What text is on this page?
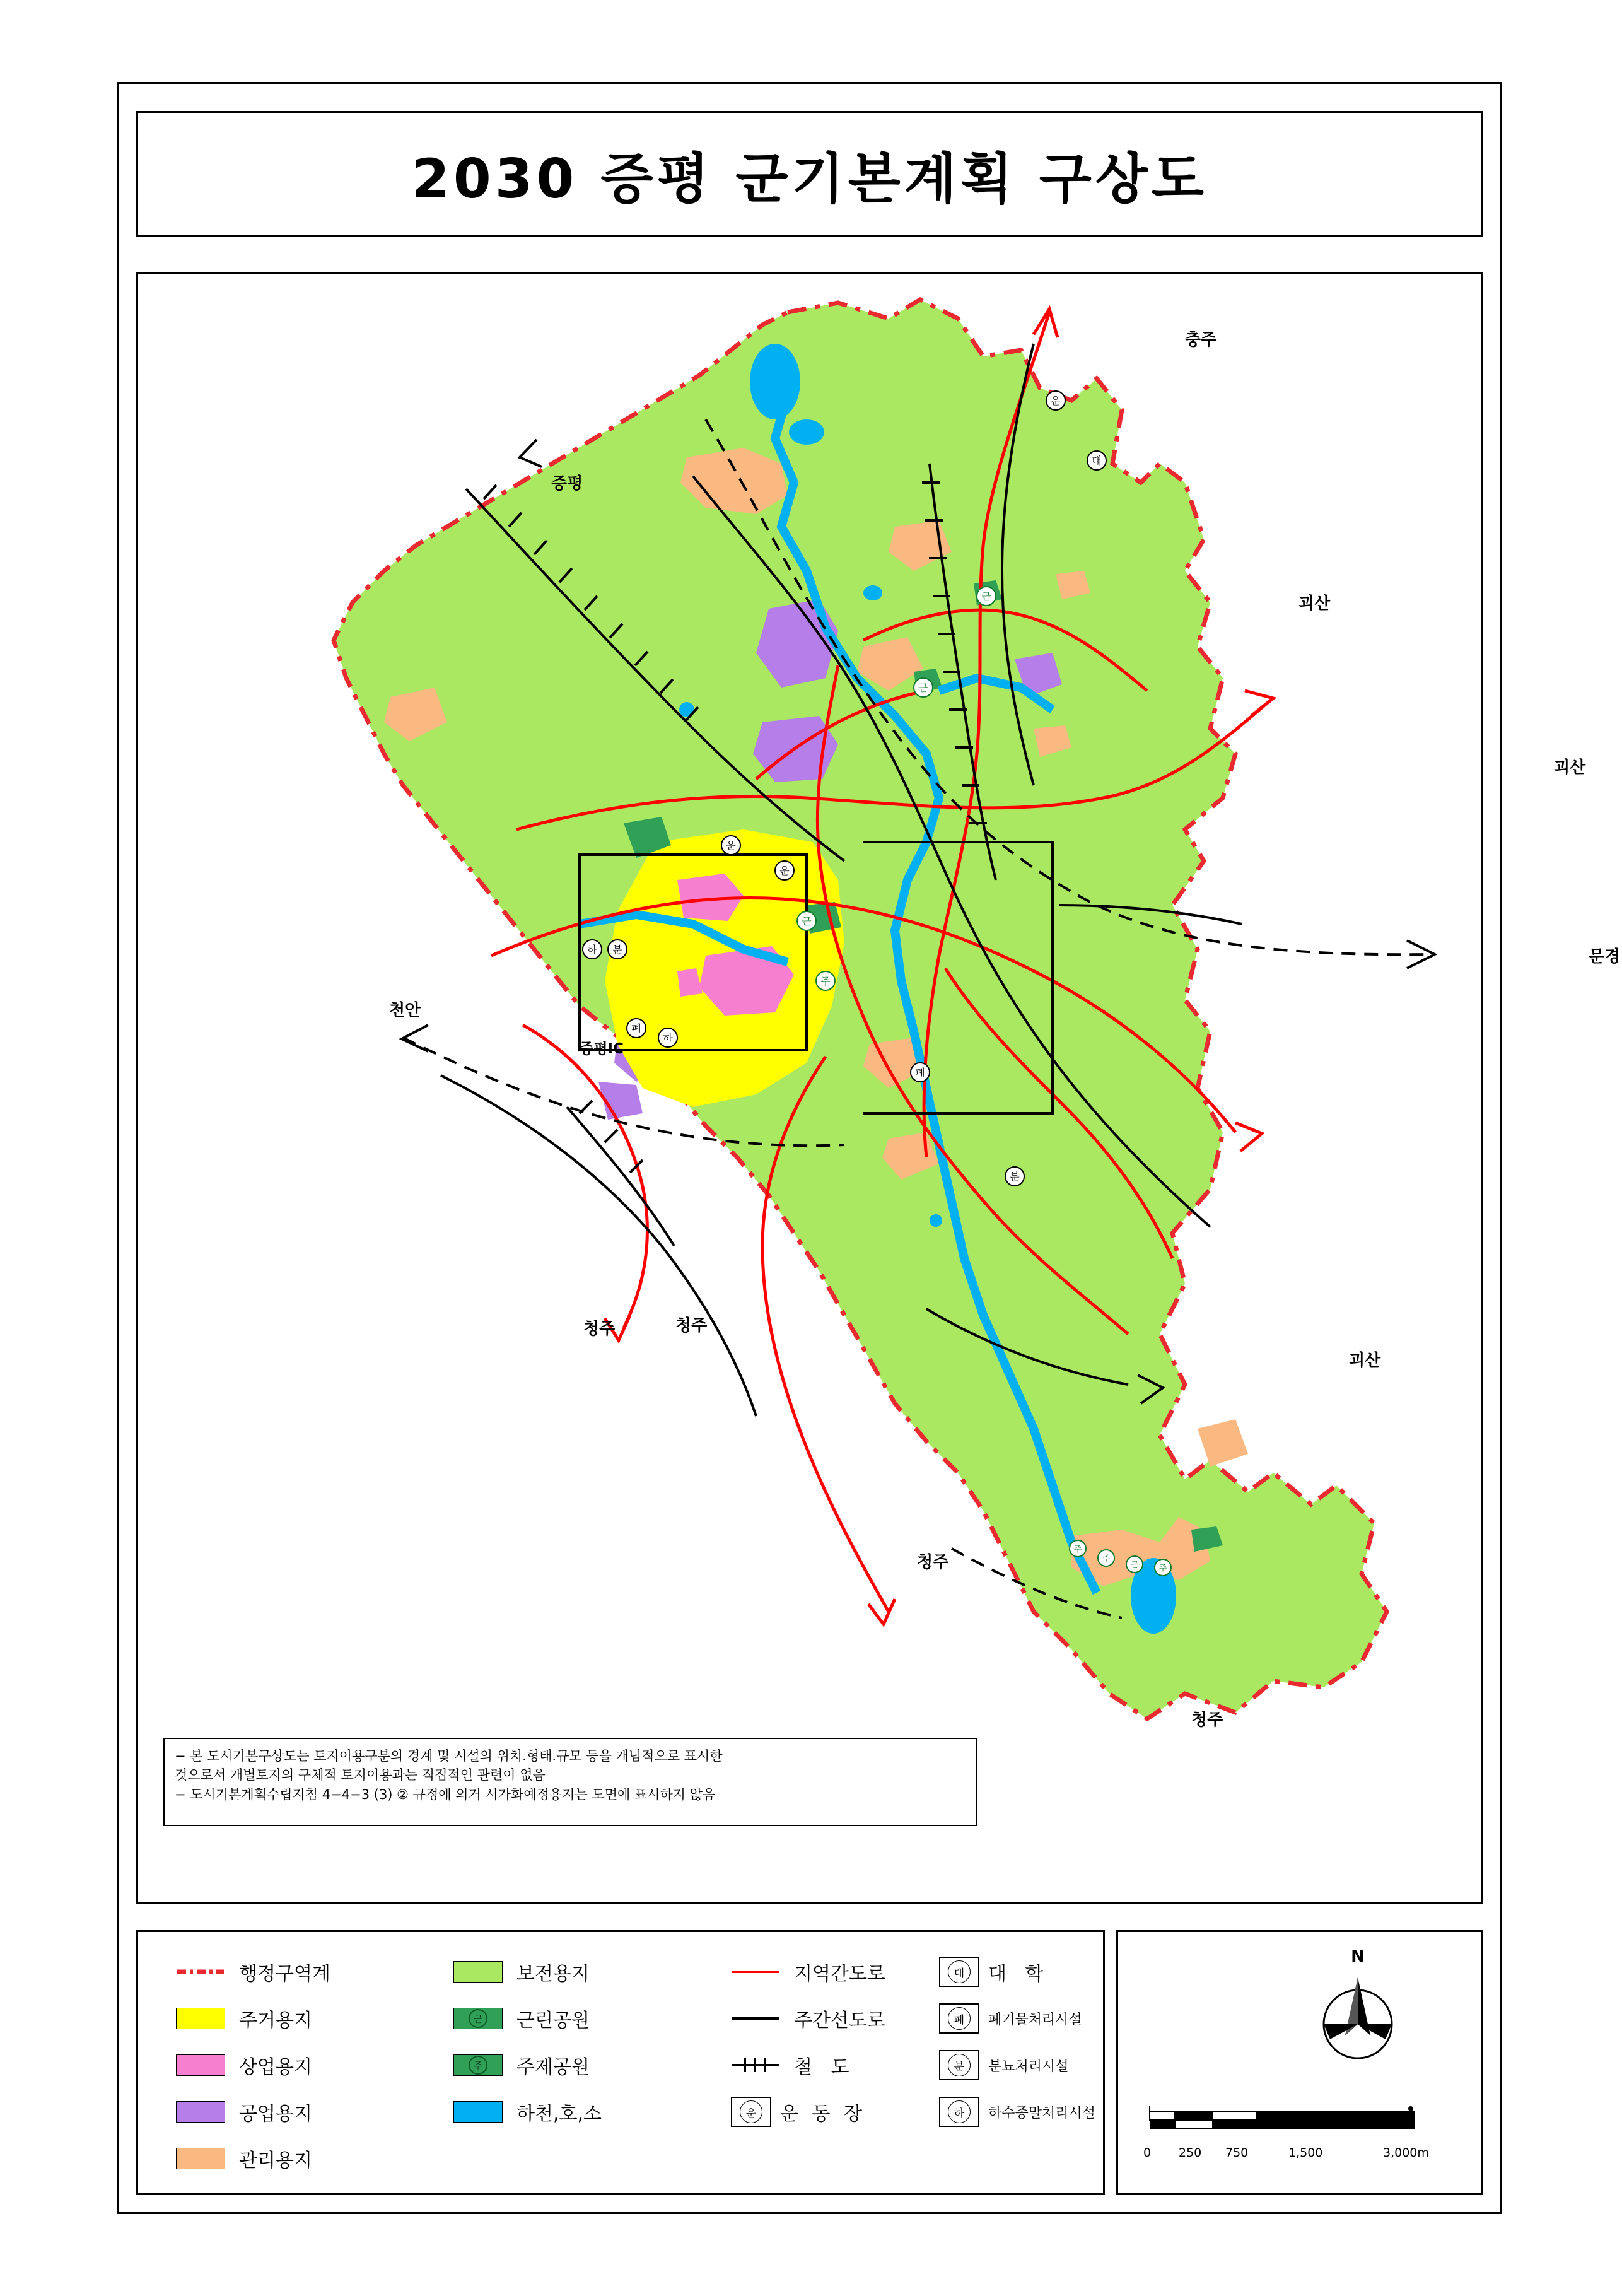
2030 증평 군기본계획 구상도
대
운
운
근
주
하 분
폐
하
폐
운
주
주
근 주
분
근
근
충주
증평
괴산
괴산
문경
천안
증평IC
청주	청주
괴산
청주
청주
− 본 도시기본구상도는 토지이용구분의 경계 및 시설의 위치.형태.규모 등을 개념적으로 표시한
것으로서 개별토지의 구체적 토지이용과는 직접적인 관련이 없음
− 도시기본계획수립지침 4−4−3 (3) ② 규정에 의거 시가화예정용지는 도면에 표시하지 않음
행정구역계
주거용지
상업용지
공업용지
관리용지
보전용지
근 근린공원
주 주제공원
하천,호,소
지역간도로
주간선도로
철 도
운	운 동 장
대	대 학
폐	폐기물처리시설
분	분뇨처리시설
하	하수종말처리시설
N
0	250	750	1,500	3,000m
